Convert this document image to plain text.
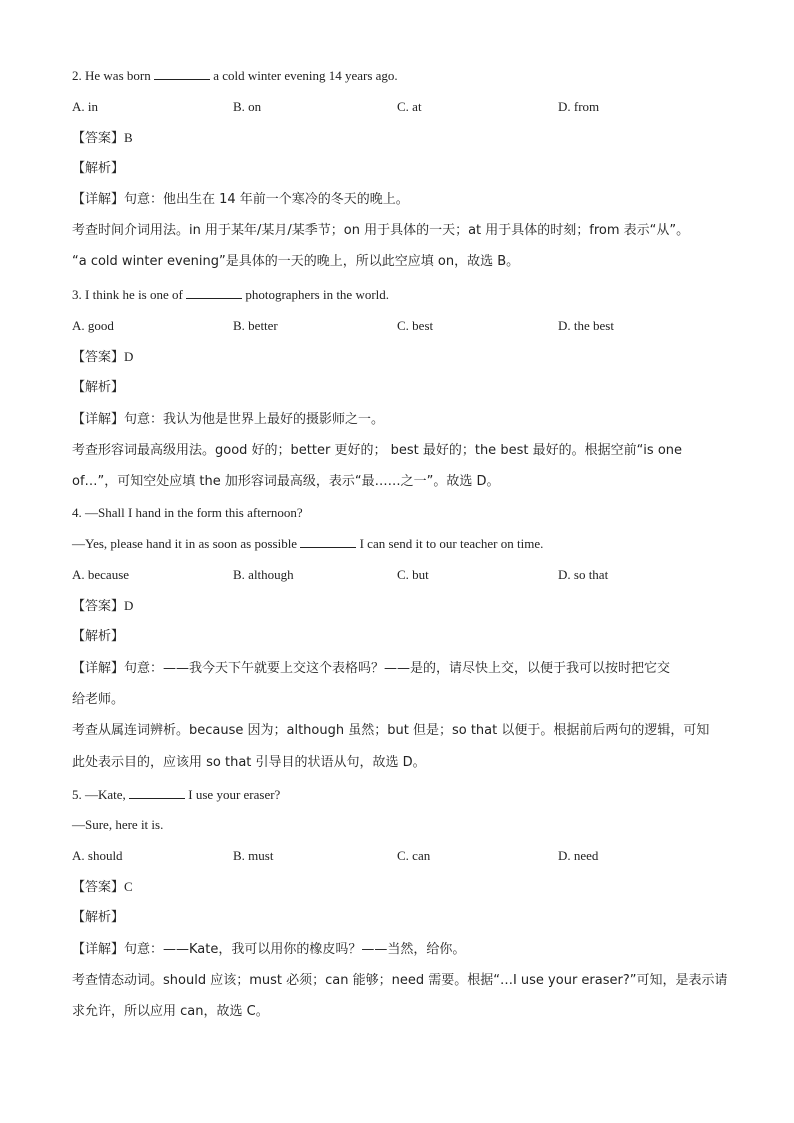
2. He was born	a cold winter evening 14 years ago.
A. in	B. on	C. at	D. from
【答案】B
【解析】
【详解】句意：他出生在 14 年前一个寒冷的冬天的晚上。
考查时间介词用法。in 用于某年/某月/某季节；on 用于具体的一天；at 用于具体的时刻；from 表示“从”。
“a cold winter evening”是具体的一天的晚上，所以此空应填 on，故选 B。
3. I think he is one of	photographers in the world.
A. good	B. better	C. best	D. the best
【答案】D
【解析】
【详解】句意：我认为他是世界上最好的摄影师之一。
考查形容词最高级用法。good 好的；better 更好的； best 最好的；the best 最好的。根据空前“is one
of…”，可知空处应填 the 加形容词最高级，表示“最……之一”。故选 D。
4. —Shall I hand in the form this afternoon?
—Yes, please hand it in as soon as possible	I can send it to our teacher on time.
A. because	B. although	C. but	D. so that
【答案】D
【解析】
【详解】句意：——我今天下午就要上交这个表格吗？——是的，请尽快上交，以便于我可以按时把它交
给老师。
考查从属连词辨析。because 因为；although 虽然；but 但是；so that 以便于。根据前后两句的逻辑，可知
此处表示目的，应该用 so that 引导目的状语从句，故选 D。
5. —Kate,	I use your eraser?
—Sure, here it is.
A. should	B. must	C. can	D. need
【答案】C
【解析】
【详解】句意：——Kate，我可以用你的橡皮吗？——当然，给你。
考查情态动词。should 应该；must 必须；can 能够；need 需要。根据“…I use your eraser?”可知，是表示请
求允许，所以应用 can，故选 C。
